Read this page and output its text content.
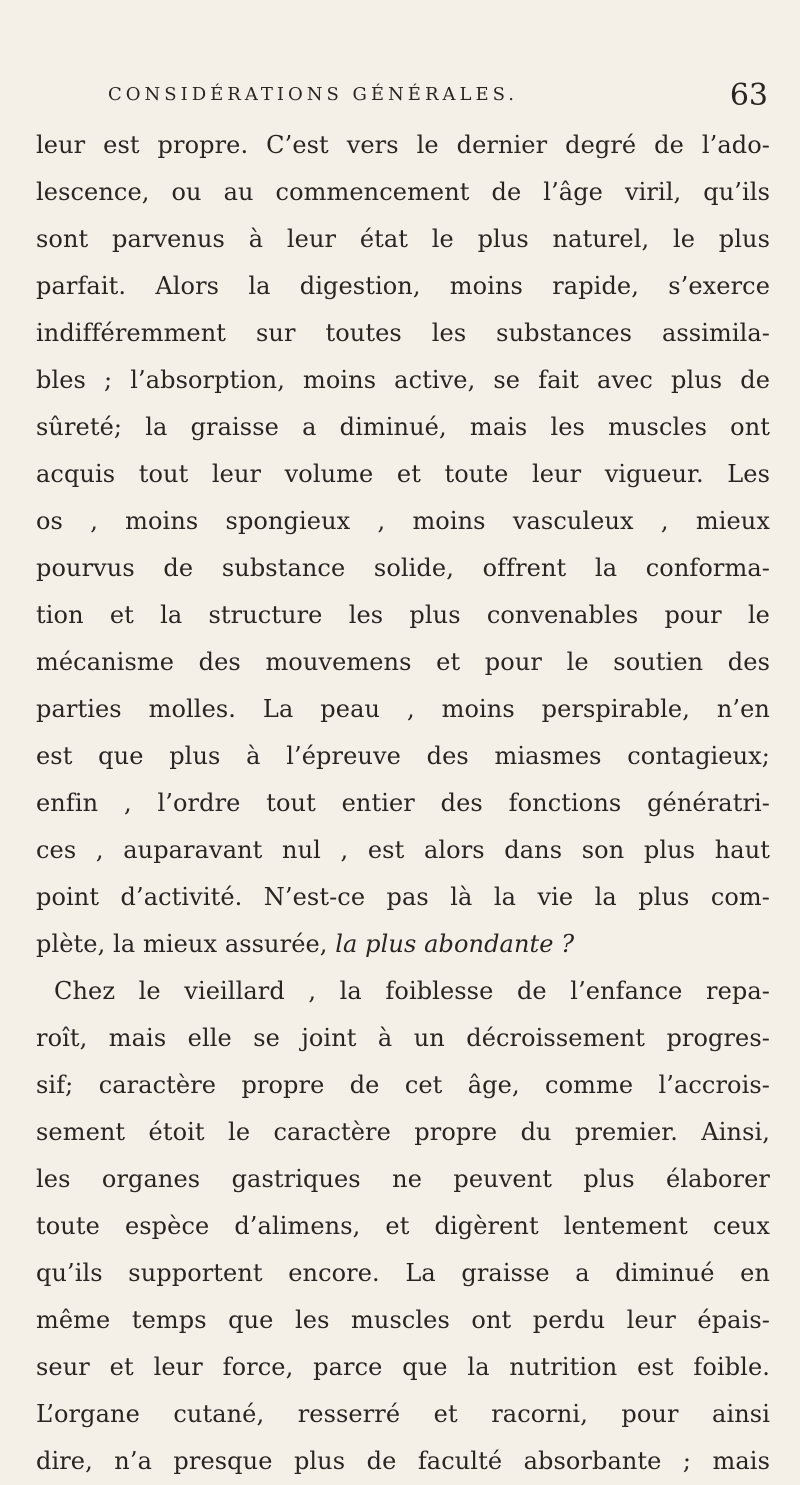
CONSIDÉRATIONS GÉNÉRALES.	63
leur est propre. C’est vers le dernier degré de l’ado-
lescence, ou au commencement de l’âge viril, qu’ils
sont parvenus à leur état le plus naturel, le plus
parfait. Alors la digestion, moins rapide, s’exerce
indifféremment sur toutes les substances assimila-
bles ; l’absorption, moins active, se fait avec plus de
sûreté; la graisse a diminué, mais les muscles ont
acquis tout leur volume et toute leur vigueur. Les
os , moins spongieux , moins vasculeux , mieux
pourvus de substance solide, offrent la conforma-
tion et la structure les plus convenables pour le
mécanisme des mouvemens et pour le soutien des
parties molles. La peau , moins perspirable, n’en
est que plus à l’épreuve des miasmes contagieux;
enfin , l’ordre tout entier des fonctions génératri-
ces , auparavant nul , est alors dans son plus haut
point d’activité. N’est-ce pas là la vie la plus com-
plète, la mieux assurée, la plus abondante ?
Chez le vieillard , la foiblesse de l’enfance repa-
roît, mais elle se joint à un décroissement progres-
sif; caractère propre de cet âge, comme l’accrois-
sement étoit le caractère propre du premier. Ainsi,
les organes gastriques ne peuvent plus élaborer
toute espèce d’alimens, et digèrent lentement ceux
qu’ils supportent encore. La graisse a diminué en
même temps que les muscles ont perdu leur épais-
seur et leur force, parce que la nutrition est foible.
L’organe cutané, resserré et racorni, pour ainsi
dire, n’a presque plus de faculté absorbante ; mais
